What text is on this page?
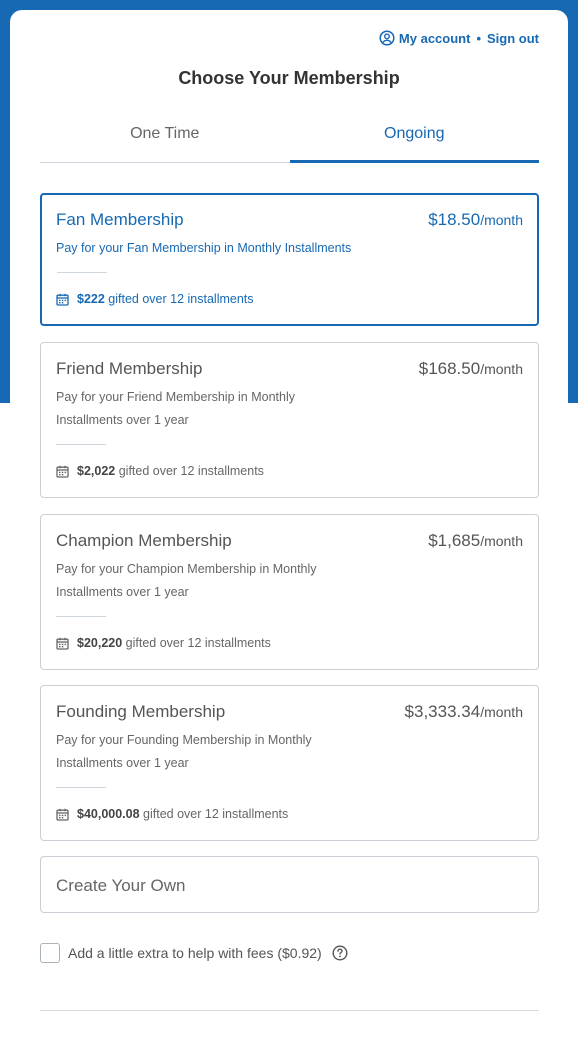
My account • Sign out
Choose Your Membership
One Time	Ongoing
Fan Membership	$18.50/month
Pay for your Fan Membership in Monthly Installments
$222 gifted over 12 installments
Friend Membership	$168.50/month
Pay for your Friend Membership in Monthly Installments over 1 year
$2,022 gifted over 12 installments
Champion Membership	$1,685/month
Pay for your Champion Membership in Monthly Installments over 1 year
$20,220 gifted over 12 installments
Founding Membership	$3,333.34/month
Pay for your Founding Membership in Monthly Installments over 1 year
$40,000.08 gifted over 12 installments
Create Your Own
Add a little extra to help with fees ($0.92)
